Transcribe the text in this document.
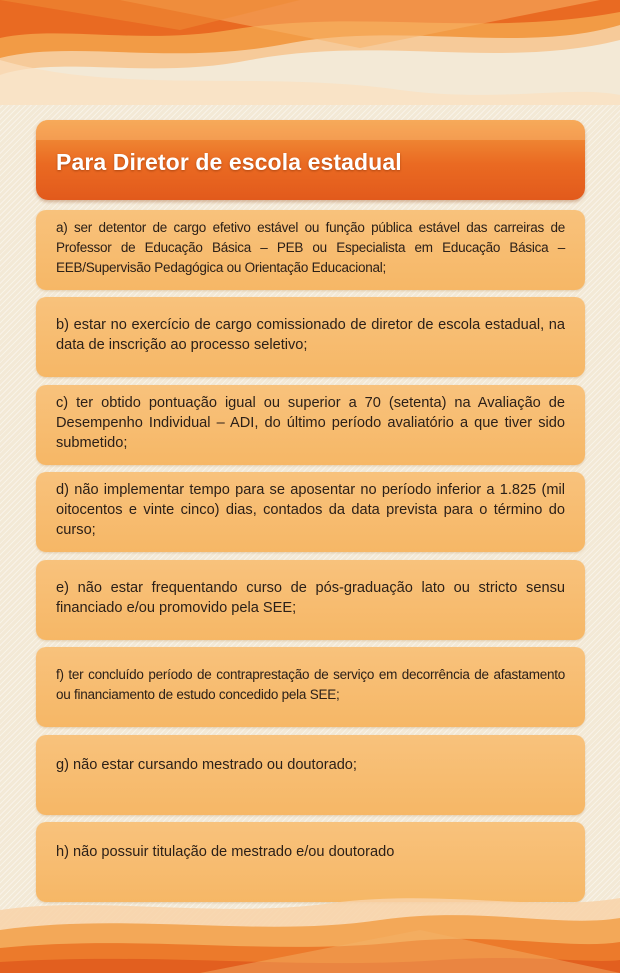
Para Diretor de escola estadual

a) ser detentor de cargo efetivo estável ou função pública estável das carreiras de Professor de Educação Básica – PEB ou Especialista em Educação Básica – EEB/Supervisão Pedagógica ou Orientação Educacional;

b) estar no exercício de cargo comissionado de diretor de escola estadual, na data de inscrição ao processo seletivo;

c) ter obtido pontuação igual ou superior a 70 (setenta) na Avaliação de Desempenho Individual – ADI, do último período avaliatório a que tiver sido submetido;

d) não implementar tempo para se aposentar no período inferior a 1.825 (mil oitocentos e vinte cinco) dias, contados da data prevista para o término do curso;

e) não estar frequentando curso de pós-graduação lato ou stricto sensu financiado e/ou promovido pela SEE;

f) ter concluído período de contraprestação de serviço em decorrência de afastamento ou financiamento de estudo concedido pela SEE;

g) não estar cursando mestrado ou doutorado;

h) não possuir titulação de mestrado e/ou doutorado
